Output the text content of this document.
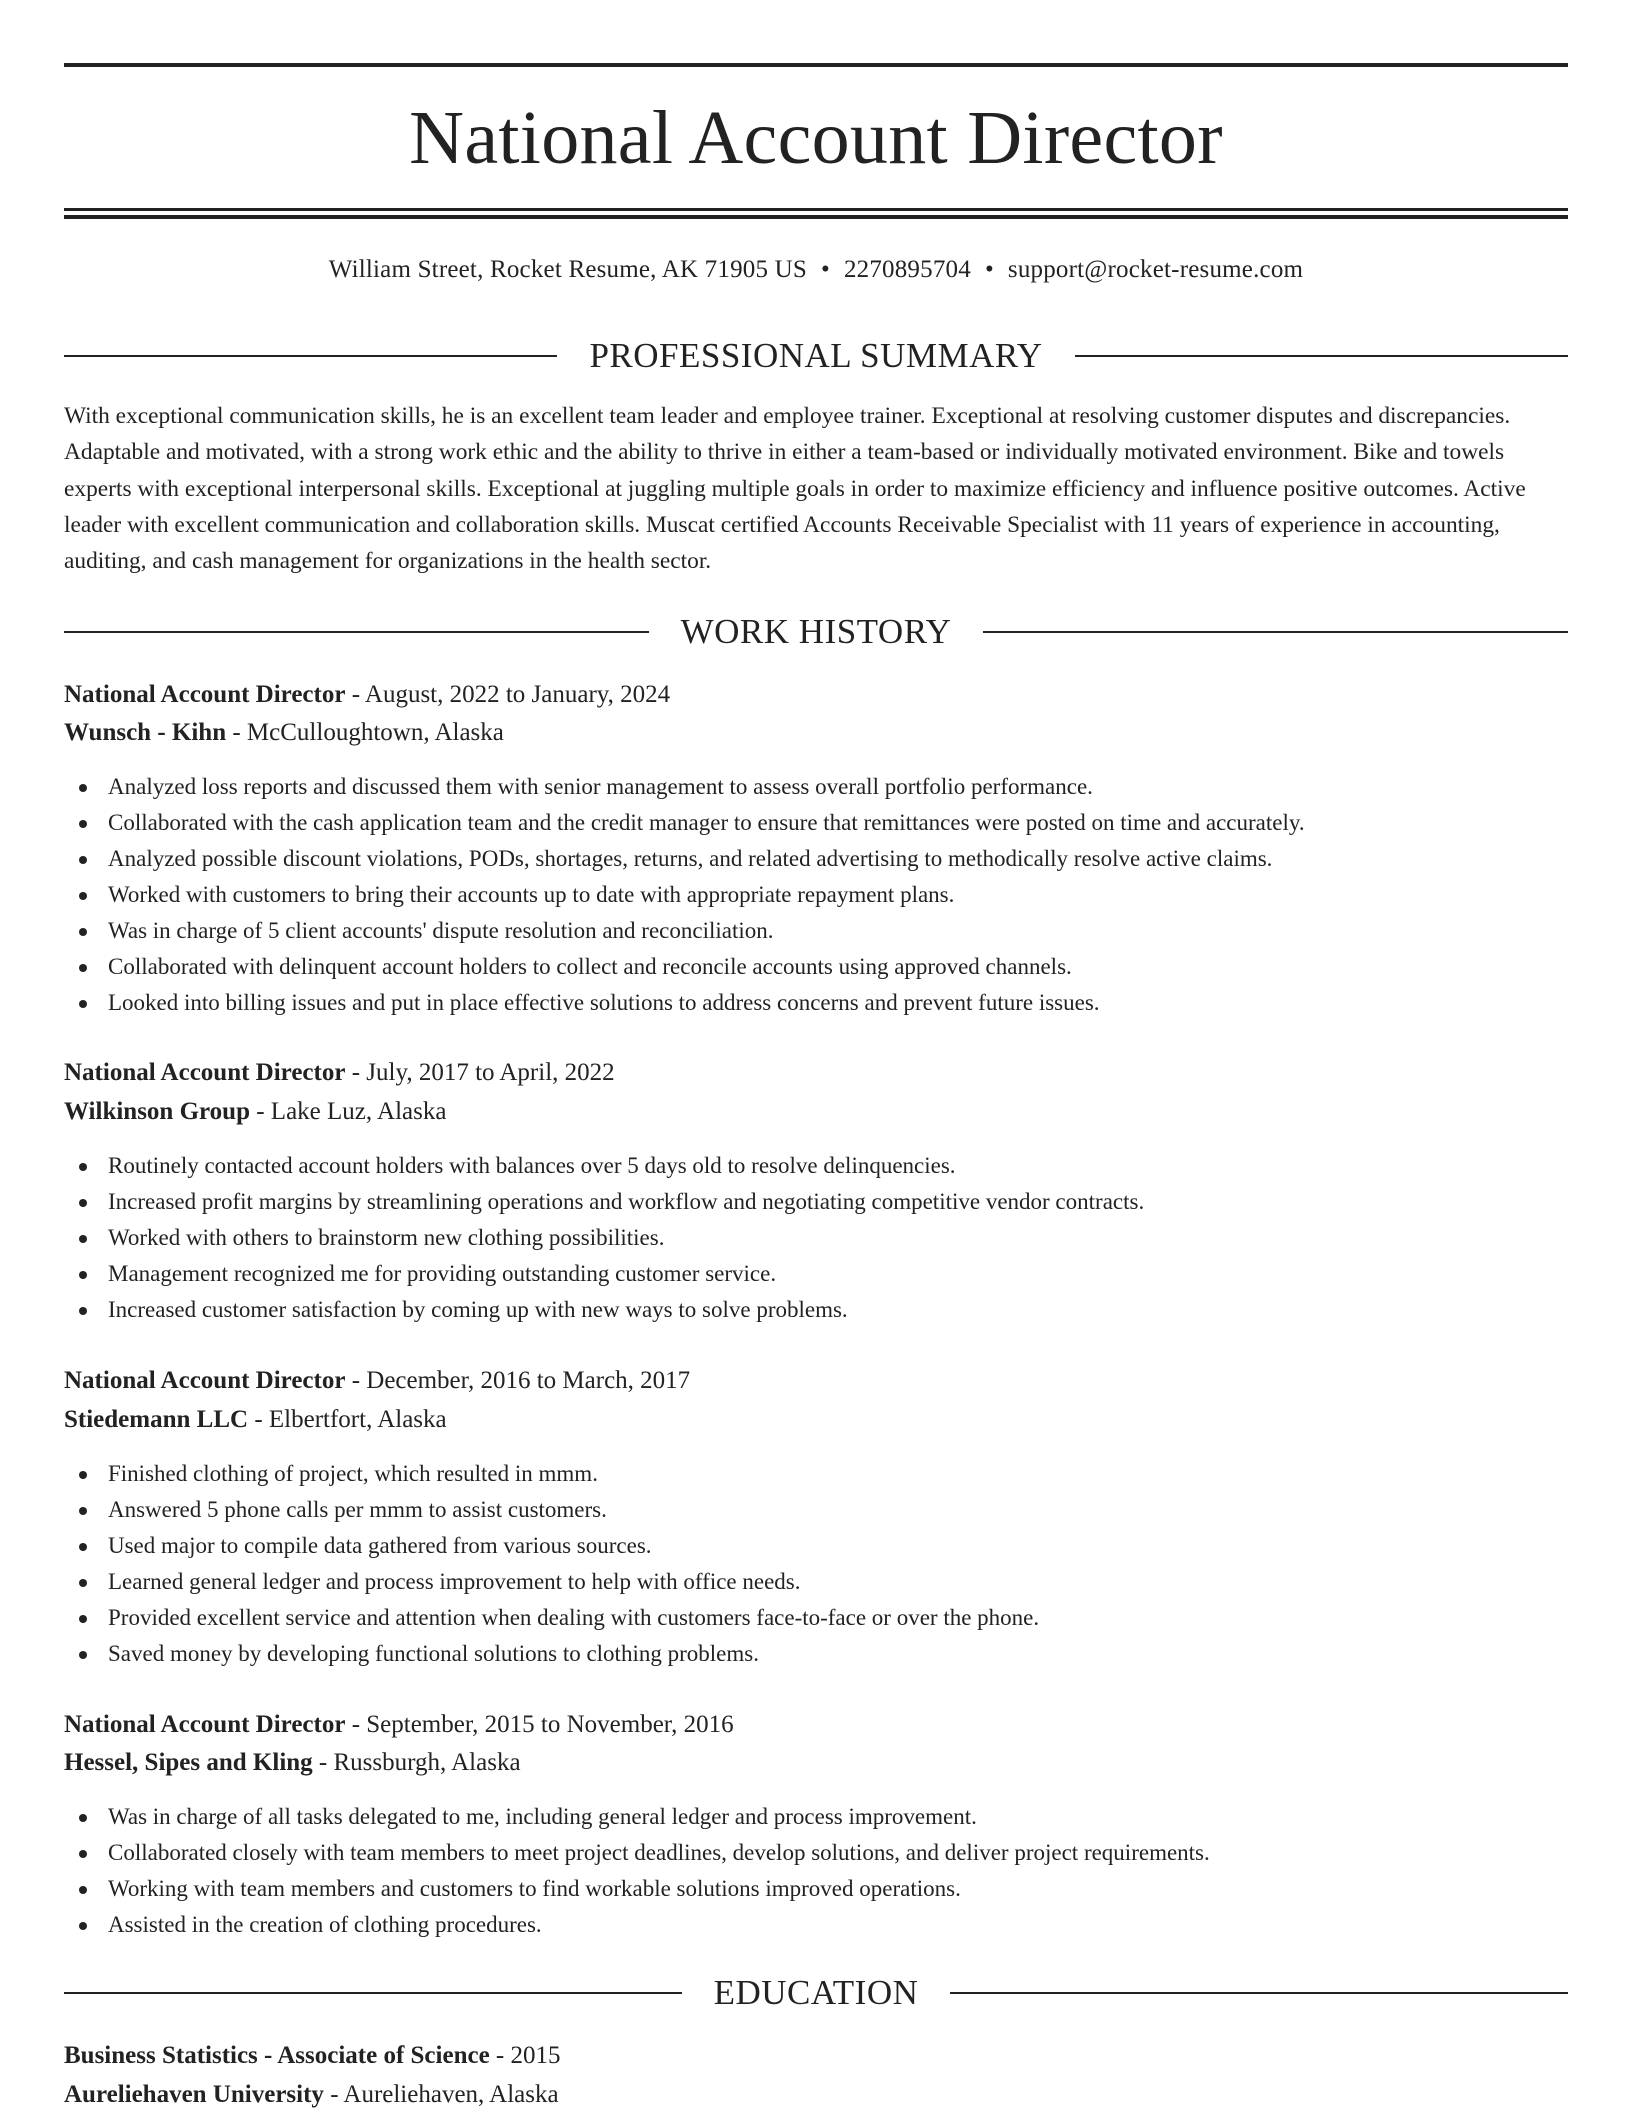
National Account Director
William Street, Rocket Resume, AK 71905 US • 2270895704 • support@rocket-resume.com
PROFESSIONAL SUMMARY

With exceptional communication skills, he is an excellent team leader and employee trainer. Exceptional at resolving customer disputes and discrepancies. Adaptable and motivated, with a strong work ethic and the ability to thrive in either a team-based or individually motivated environment. Bike and towels experts with exceptional interpersonal skills. Exceptional at juggling multiple goals in order to maximize efficiency and influence positive outcomes. Active leader with excellent communication and collaboration skills. Muscat certified Accounts Receivable Specialist with 11 years of experience in accounting, auditing, and cash management for organizations in the health sector.

WORK HISTORY
National Account Director - August, 2022 to January, 2024
Wunsch - Kihn - McCulloughtown, Alaska
Analyzed loss reports and discussed them with senior management to assess overall portfolio performance.
Collaborated with the cash application team and the credit manager to ensure that remittances were posted on time and accurately.
Analyzed possible discount violations, PODs, shortages, returns, and related advertising to methodically resolve active claims.
Worked with customers to bring their accounts up to date with appropriate repayment plans.
Was in charge of 5 client accounts' dispute resolution and reconciliation.
Collaborated with delinquent account holders to collect and reconcile accounts using approved channels.
Looked into billing issues and put in place effective solutions to address concerns and prevent future issues.
National Account Director - July, 2017 to April, 2022
Wilkinson Group - Lake Luz, Alaska
Routinely contacted account holders with balances over 5 days old to resolve delinquencies.
Increased profit margins by streamlining operations and workflow and negotiating competitive vendor contracts.
Worked with others to brainstorm new clothing possibilities.
Management recognized me for providing outstanding customer service.
Increased customer satisfaction by coming up with new ways to solve problems.
National Account Director - December, 2016 to March, 2017
Stiedemann LLC - Elbertfort, Alaska
Finished clothing of project, which resulted in mmm.
Answered 5 phone calls per mmm to assist customers.
Used major to compile data gathered from various sources.
Learned general ledger and process improvement to help with office needs.
Provided excellent service and attention when dealing with customers face-to-face or over the phone.
Saved money by developing functional solutions to clothing problems.
National Account Director - September, 2015 to November, 2016
Hessel, Sipes and Kling - Russburgh, Alaska
Was in charge of all tasks delegated to me, including general ledger and process improvement.
Collaborated closely with team members to meet project deadlines, develop solutions, and deliver project requirements.
Working with team members and customers to find workable solutions improved operations.
Assisted in the creation of clothing procedures.
EDUCATION
Business Statistics - Associate of Science - 2015
Aureliehaven University - Aureliehaven, Alaska
